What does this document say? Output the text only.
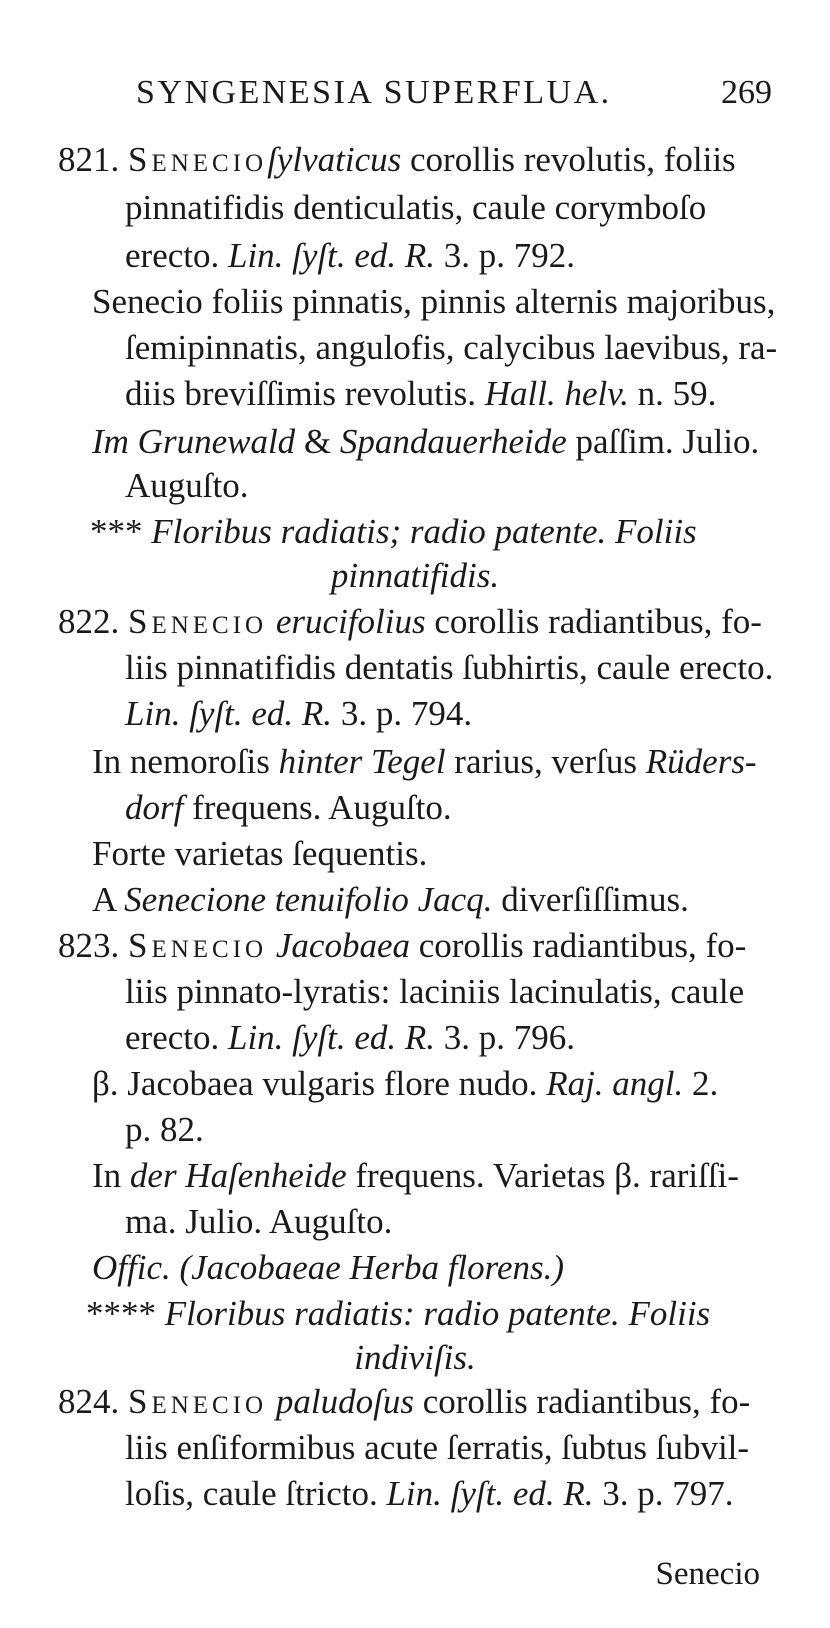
SYNGENESIA SUPERFLUA.	269
821. Senecioſylvaticus corollis revolutis, foliis
pinnatifidis denticulatis, caule corymboſo
erecto. Lin. ſyſt. ed. R. 3. p. 792.
Senecio foliis pinnatis, pinnis alternis majoribus,
ſemipinnatis, angulofis, calycibus laevibus, ra-
diis breviſſimis revolutis. Hall. helv. n. 59.
Im Grunewald & Spandauerheide paſſim. Julio.
Auguſto.
*** Floribus radiatis; radio patente. Foliis
pinnatifidis.
822. Senecio erucifolius corollis radiantibus, fo-
liis pinnatifidis dentatis ſubhirtis, caule erecto.
Lin. ſyſt. ed. R. 3. p. 794.
In nemoroſis hinter Tegel rarius, verſus Rüders-
dorf frequens. Auguſto.
Forte varietas ſequentis.
A Senecione tenuifolio Jacq. diverſiſſimus.
823. Senecio Jacobaea corollis radiantibus, fo-
liis pinnato-lyratis: laciniis lacinulatis, caule
erecto. Lin. ſyſt. ed. R. 3. p. 796.
β. Jacobaea vulgaris flore nudo. Raj. angl. 2.
p. 82.
In der Haſenheide frequens. Varietas β. rariſſi-
ma. Julio. Auguſto.
Offic. (Jacobaeae Herba florens.)
**** Floribus radiatis: radio patente. Foliis
indiviſis.
824. Senecio paludoſus corollis radiantibus, fo-
liis enſiformibus acute ſerratis, ſubtus ſubvil-
loſis, caule ſtricto. Lin. ſyſt. ed. R. 3. p. 797.
Senecio
